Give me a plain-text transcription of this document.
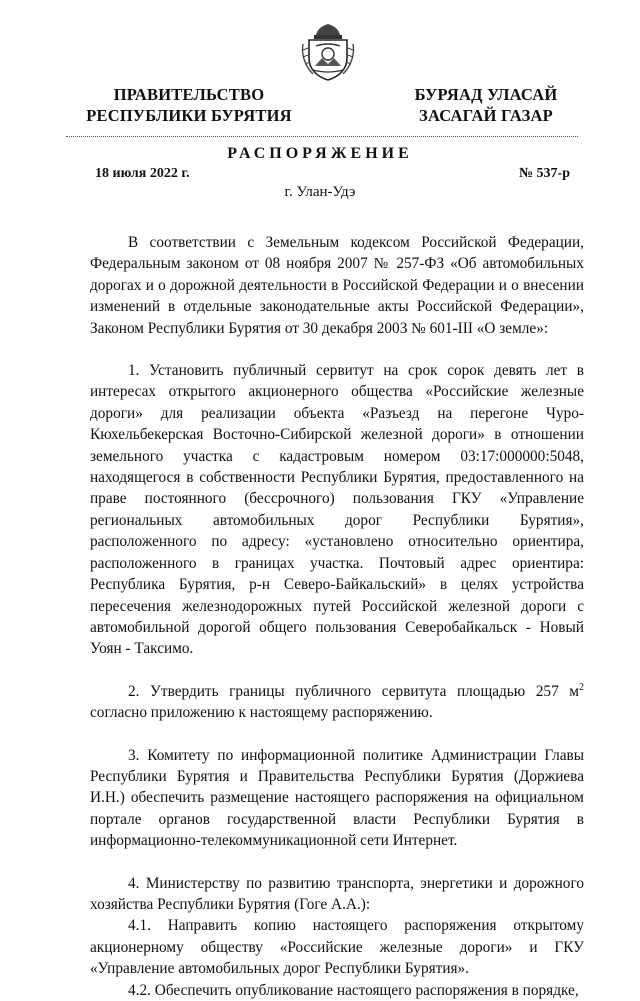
ПРАВИТЕЛЬСТВО
РЕСПУБЛИКИ БУРЯТИЯ
БУРЯАД УЛАСАЙ
ЗАСАГАЙ ГАЗАР
РАСПОРЯЖЕНИЕ
18 июля 2022 г.	№ 537-р
г. Улан-Удэ

В соответствии с Земельным кодексом Российской Федерации, Федеральным законом от 08 ноября 2007 № 257-ФЗ «Об автомобильных дорогах и о дорожной деятельности в Российской Федерации и о внесении изменений в отдельные законодательные акты Российской Федерации», Законом Республики Бурятия от 30 декабря 2003 № 601-III «О земле»:

1. Установить публичный сервитут на срок сорок девять лет в интересах открытого акционерного общества «Российские железные дороги» для реализации объекта «Разъезд на перегоне Чуро-Кюхельбекерская Восточно-Сибирской железной дороги» в отношении земельного участка с кадастровым номером 03:17:000000:5048, находящегося в собственности Республики Бурятия, предоставленного на праве постоянного (бессрочного) пользования ГКУ «Управление региональных автомобильных дорог Республики Бурятия», расположенного по адресу: «установлено относительно ориентира, расположенного в границах участка. Почтовый адрес ориентира: Республика Бурятия, р-н Северо-Байкальский» в целях устройства пересечения железнодорожных путей Российской железной дороги с автомобильной дорогой общего пользования Северобайкальск - Новый Уоян - Таксимо.

2. Утвердить границы публичного сервитута площадью 257 $м^2$ согласно приложению к настоящему распоряжению.

3. Комитету по информационной политике Администрации Главы Республики Бурятия и Правительства Республики Бурятия (Доржиева И.Н.) обеспечить размещение настоящего распоряжения на официальном портале органов государственной власти Республики Бурятия в информационно-телекоммуникационной сети Интернет.

4. Министерству по развитию транспорта, энергетики и дорожного хозяйства Республики Бурятия (Гоге А.А.):

4.1. Направить копию настоящего распоряжения открытому акционерному обществу «Российские железные дороги» и ГКУ «Управление автомобильных дорог Республики Бурятия».

4.2. Обеспечить опубликование настоящего распоряжения в порядке,
